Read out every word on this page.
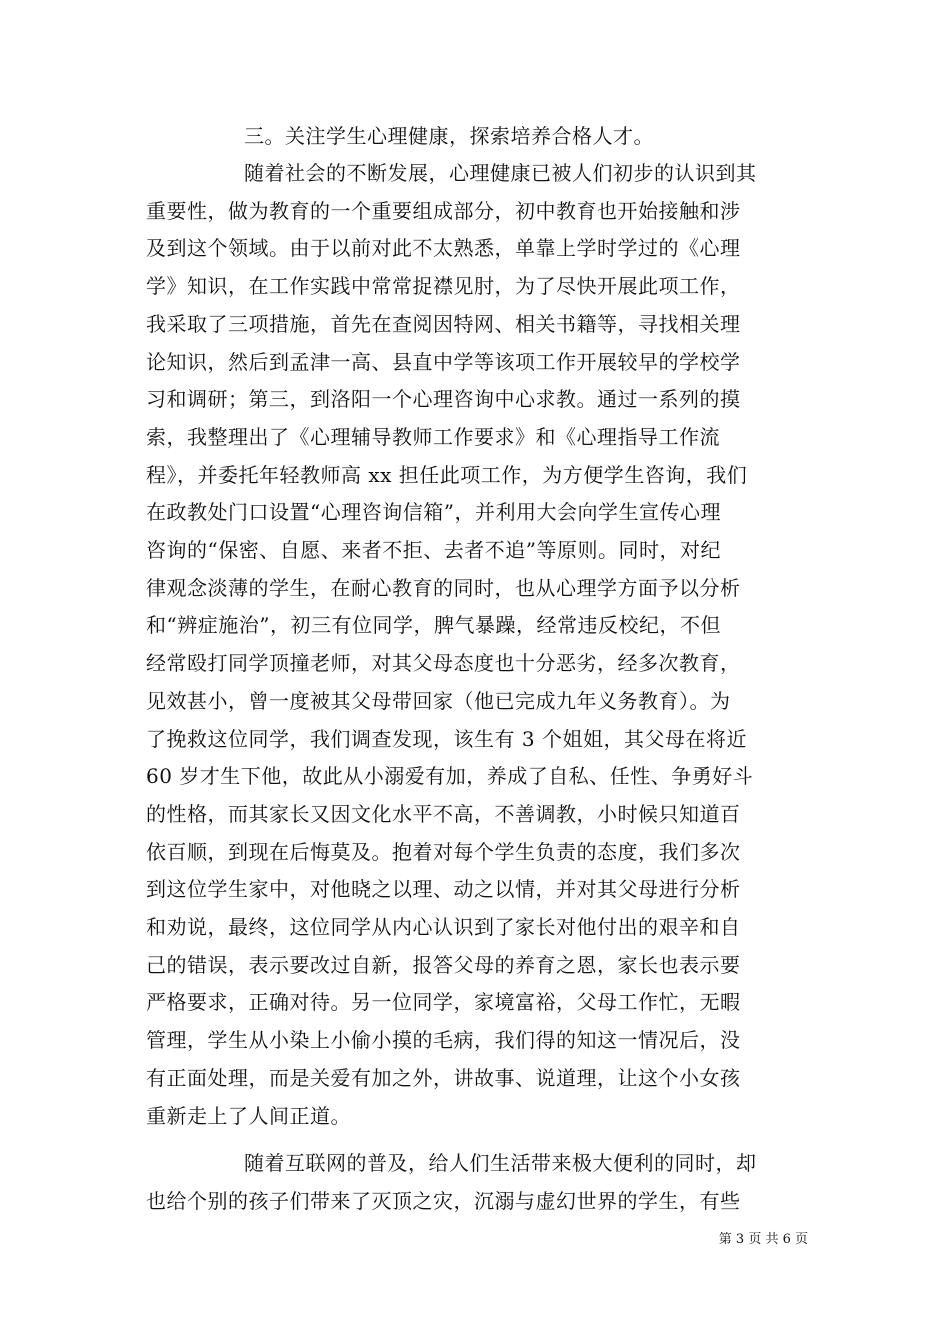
三。关注学生心理健康，探索培养合格人才。
随着社会的不断发展，心理健康已被人们初步的认识到其
重要性，做为教育的一个重要组成部分，初中教育也开始接触和涉
及到这个领域。由于以前对此不太熟悉，单靠上学时学过的《心理
学》知识，在工作实践中常常捉襟见肘，为了尽快开展此项工作，
我采取了三项措施，首先在查阅因特网、相关书籍等，寻找相关理
论知识，然后到孟津一高、县直中学等该项工作开展较早的学校学
习和调研；第三，到洛阳一个心理咨询中心求教。通过一系列的摸
索，我整理出了《心理辅导教师工作要求》和《心理指导工作流
程》，并委托年轻教师高 xx 担任此项工作，为方便学生咨询，我们
在政教处门口设置“心理咨询信箱”，并利用大会向学生宣传心理
咨询的“保密、自愿、来者不拒、去者不追”等原则。同时，对纪
律观念淡薄的学生，在耐心教育的同时，也从心理学方面予以分析
和“辨症施治”，初三有位同学，脾气暴躁，经常违反校纪，不但
经常殴打同学顶撞老师，对其父母态度也十分恶劣，经多次教育，
见效甚小，曾一度被其父母带回家（他已完成九年义务教育）。为
了挽救这位同学，我们调查发现，该生有 3 个姐姐，其父母在将近
60 岁才生下他，故此从小溺爱有加，养成了自私、任性、争勇好斗
的性格，而其家长又因文化水平不高，不善调教，小时候只知道百
依百顺，到现在后悔莫及。抱着对每个学生负责的态度，我们多次
到这位学生家中，对他晓之以理、动之以情，并对其父母进行分析
和劝说，最终，这位同学从内心认识到了家长对他付出的艰辛和自
己的错误，表示要改过自新，报答父母的养育之恩，家长也表示要
严格要求，正确对待。另一位同学，家境富裕，父母工作忙，无暇
管理，学生从小染上小偷小摸的毛病，我们得的知这一情况后，没
有正面处理，而是关爱有加之外，讲故事、说道理，让这个小女孩
重新走上了人间正道。
随着互联网的普及，给人们生活带来极大便利的同时，却
也给个别的孩子们带来了灭顶之灾，沉溺与虚幻世界的学生，有些
第 3 页 共 6 页
